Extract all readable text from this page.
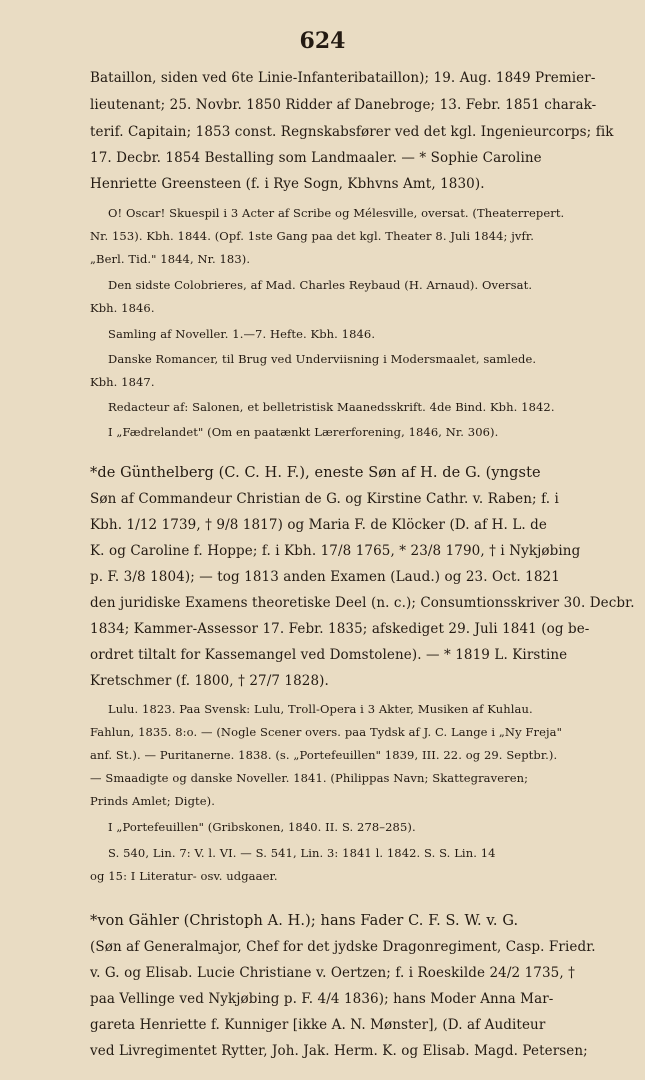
624
Bataillon, siden ved 6te Linie-Infanteribataillon); 19. Aug. 1849 Premier-
lieutenant; 25. Novbr. 1850 Ridder af Danebroge; 13. Febr. 1851 charak-
terif. Capitain; 1853 const. Regnskabsfører ved det kgl. Ingenieurcorps; fik
17. Decbr. 1854 Bestalling som Landmaaler. — * Sophie Caroline
Henriette Greensteen (f. i Rye Sogn, Kbhvns Amt, 1830).
O! Oscar! Skuespil i 3 Acter af Scribe og Mélesville, oversat. (Theaterrepert.
Nr. 153). Kbh. 1844. (Opf. 1ste Gang paa det kgl. Theater 8. Juli 1844; jvfr.
„Berl. Tid." 1844, Nr. 183).
Den sidste Colobrieres, af Mad. Charles Reybaud (H. Arnaud). Oversat.
Kbh. 1846.
Samling af Noveller. 1.—7. Hefte. Kbh. 1846.
Danske Romancer, til Brug ved Underviisning i Modersmaalet, samlede.
Kbh. 1847.
Redacteur af: Salonen, et belletristisk Maanedsskrift. 4de Bind. Kbh. 1842.
I „Fædrelandet" (Om en paatænkt Lærerforening, 1846, Nr. 306).
*de Günthelberg (C. C. H. F.), eneste Søn af H. de G. (yngste
Søn af Commandeur Christian de G. og Kirstine Cathr. v. Raben; f. i
Kbh. 1/12 1739, † 9/8 1817) og Maria F. de Klöcker (D. af H. L. de
K. og Caroline f. Hoppe; f. i Kbh. 17/8 1765, * 23/8 1790, † i Nykjøbing
p. F. 3/8 1804); — tog 1813 anden Examen (Laud.) og 23. Oct. 1821
den juridiske Examens theoretiske Deel (n. c.); Consumtionsskriver 30. Decbr.
1834; Kammer-Assessor 17. Febr. 1835; afskediget 29. Juli 1841 (og be-
ordret tiltalt for Kassemangel ved Domstolene). — * 1819 L. Kirstine
Kretschmer (f. 1800, † 27/7 1828).
Lulu. 1823. Paa Svensk: Lulu, Troll-Opera i 3 Akter, Musiken af Kuhlau.
Fahlun, 1835. 8:o. — (Nogle Scener overs. paa Tydsk af J. C. Lange i „Ny Freja"
anf. St.). — Puritanerne. 1838. (s. „Portefeuillen" 1839, III. 22. og 29. Septbr.).
— Smaadigte og danske Noveller. 1841. (Philippas Navn; Skattegraveren;
Prinds Amlet; Digte).
I „Portefeuillen" (Gribskonen, 1840. II. S. 278–285).
S. 540, Lin. 7: V. l. VI. — S. 541, Lin. 3: 1841 l. 1842. S. S. Lin. 14
og 15: I Literatur- osv. udgaaer.
*von Gähler (Christoph A. H.); hans Fader C. F. S. W. v. G.
(Søn af Generalmajor, Chef for det jydske Dragonregiment, Casp. Friedr.
v. G. og Elisab. Lucie Christiane v. Oertzen; f. i Roeskilde 24/2 1735, †
paa Vellinge ved Nykjøbing p. F. 4/4 1836); hans Moder Anna Mar-
gareta Henriette f. Kunniger [ikke A. N. Mønster], (D. af Auditeur
ved Livregimentet Rytter, Joh. Jak. Herm. K. og Elisab. Magd. Petersen;
